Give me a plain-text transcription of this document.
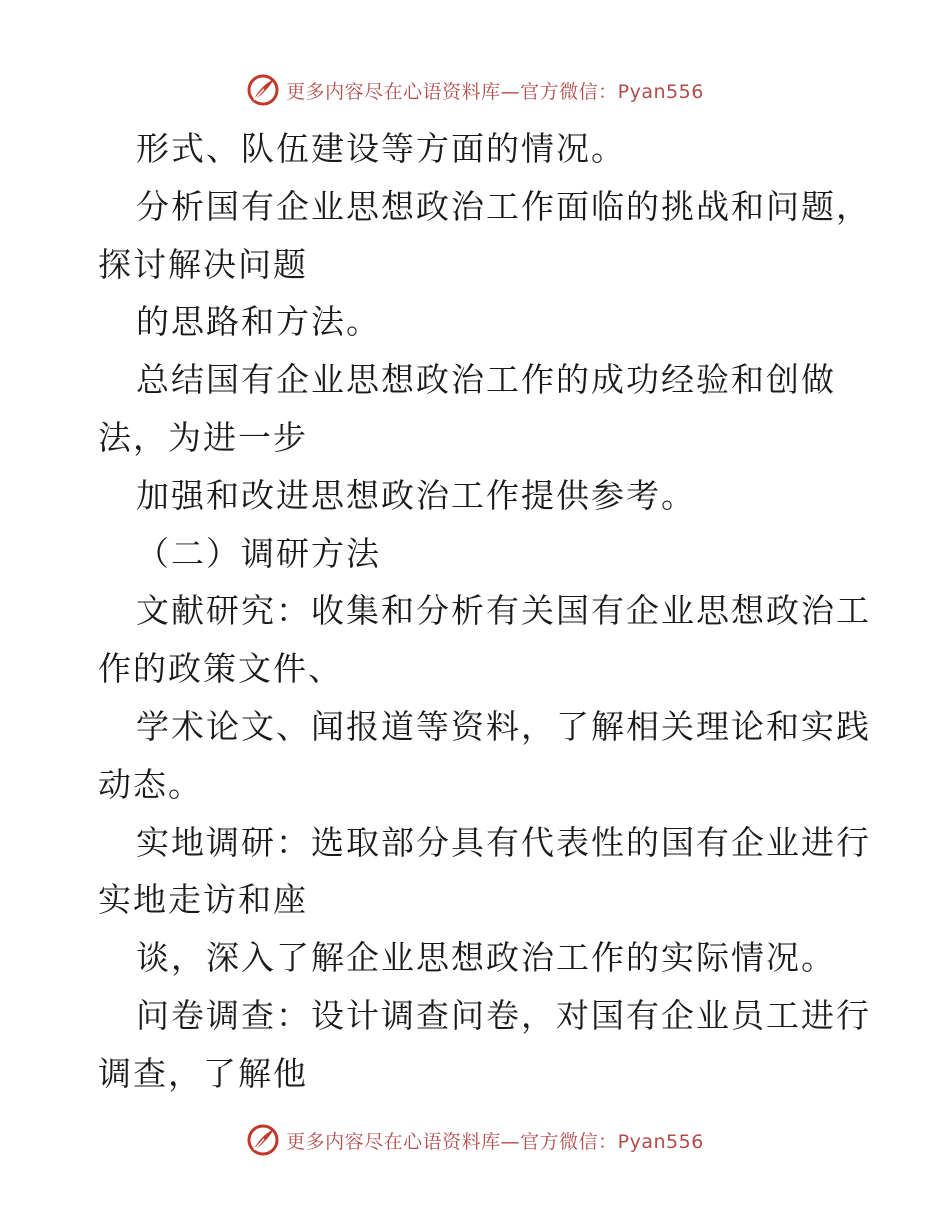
更多内容尽在心语资料库—官方微信：Pyan556
形式、队伍建设等方面的情况。
分析国有企业思想政治工作面临的挑战和问题，
探讨解决问题
的思路和方法。
总结国有企业思想政治工作的成功经验和创做
法，为进一步
加强和改进思想政治工作提供参考。
（二）调研方法
文献研究：收集和分析有关国有企业思想政治工
作的政策文件、
学术论文、闻报道等资料，了解相关理论和实践
动态。
实地调研：选取部分具有代表性的国有企业进行
实地走访和座
谈，深入了解企业思想政治工作的实际情况。
问卷调查：设计调查问卷，对国有企业员工进行
调查，了解他
更多内容尽在心语资料库—官方微信：Pyan556
